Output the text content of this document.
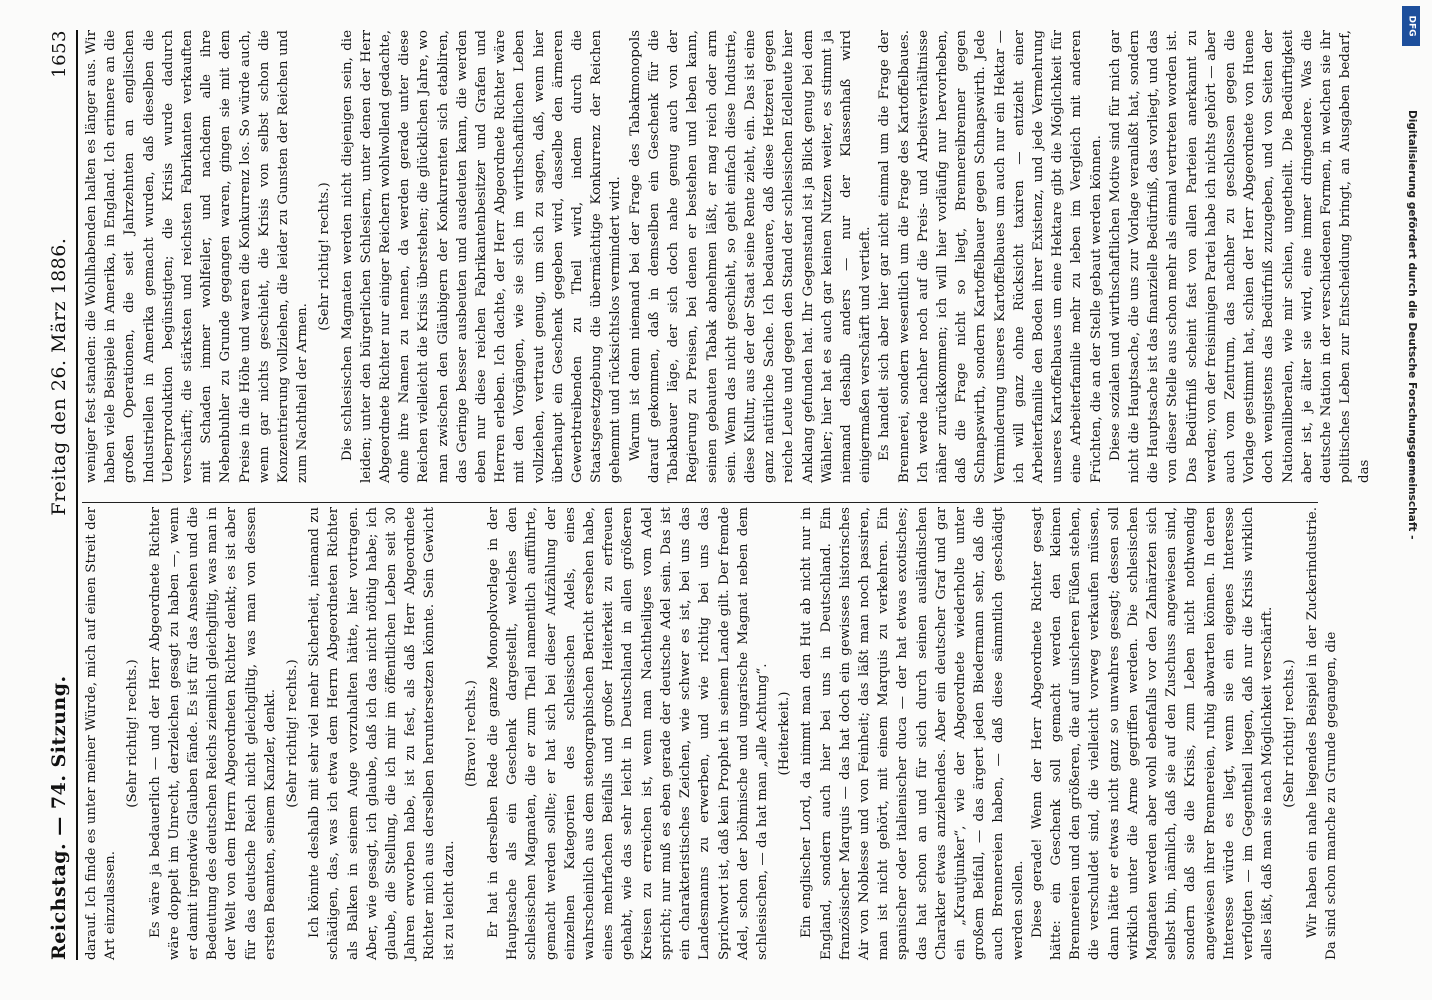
Reichstag. — 74. Sitzung.
Freitag den 26. März 1886.
1653

darauf. Ich finde es unter meiner Würde, mich auf einen Streit der Art einzulassen.

(Sehr richtig! rechts.) Es wäre ja bedauerlich — und der Herr Abgeordnete Richter wäre doppelt im Unrecht, derzleichen gesagt zu haben —, wenn er damit irgendwie Glauben fände. Es ist für das Ansehen und die Bedeutung des deutschen Reichs ziemlich gleichgiltig, was man in der Welt von dem Herrn Abgeordneten Richter denkt; es ist aber für das deutsche Reich nicht gleichgiltig, was man von dessen ersten Beamten, seinem Kanzler, denkt. (Sehr richtig! rechts.) Ich könnte deshalb mit sehr viel mehr Sicherheit, niemand zu schädigen, das, was ich etwa dem Herrn Abgeordneten Richter als Balken in seinem Auge vorzuhalten hätte, hier vortragen. Aber, wie gesagt, ich glaube, daß ich das nicht nöthig habe; ich glaube, die Stellung, die ich mir im öffentlichen Leben seit 30 Jahren erworben habe, ist zu fest, als daß Herr Abgeordnete Richter mich aus derselben heruntersetzen könnte. Sein Gewicht ist zu leicht dazu.

(Bravo! rechts.) Er hat in derselben Rede die ganze Monopolvorlage in der Hauptsache als ein Geschenk dargestellt, welches den schlesischen Magnaten, die er zum Theil namentlich aufführte, gemacht werden sollte; er hat sich bei dieser Aufzählung der einzelnen Kategorien des schlesischen Adels, eines wahrscheinlich aus dem stenographischen Bericht ersehen habe, eines mehrfachen Beifalls und großer Heiterkeit zu erfreuen gehabt, wie das sehr leicht in Deutschland in allen größeren Kreisen zu erreichen ist, wenn man Nachtheiliges vom Adel spricht; nur muß es eben gerade der deutsche Adel sein. Das ist ein charakteristisches Zeichen, wie schwer es ist, bei uns das Landesmanns zu erwerben, und wie richtig bei uns das Sprichwort ist, daß kein Prophet in seinem Lande gilt. Der fremde Adel, schon der böhmische und ungarische Magnat neben dem schlesischen, — da hat man „alle Achtung“. (Heiterkeit.) Ein englischer Lord, da nimmt man den Hut ab nicht nur in England, sondern auch hier bei uns in Deutschland. Ein französischer Marquis — das hat doch ein gewisses historisches Air von Noblesse und von Feinheit; das läßt man noch passiren, man ist nicht gehört, mit einem Marquis zu verkehren. Ein spanischer oder italienischer duca — der hat etwas exotisches; das hat schon an und für sich durch seinen ausländischen Charakter etwas anziehendes. Aber ein deutscher Graf und gar ein „Krautjunker“, wie der Abgeordnete wiederholte unter großem Beifall, — das ärgert jeden Biedermann sehr, daß die auch Brennereien haben, — daß diese sämmtlich geschädigt werden sollen. Diese gerade! Wenn der Herr Abgeordnete Richter gesagt hätte: ein Geschenk soll gemacht werden den kleinen Brennereien und den größeren, die auf unsicheren Füßen stehen, die verschuldet sind, die vielleicht vorweg verkaufen müssen, dann hätte er etwas nicht ganz so unwahres gesagt; dessen soll wirklich unter die Arme gegriffen werden. Die schlesischen Magnaten werden aber wohl ebenfalls vor den Zahnärzten sich selbst bin, nämlich, daß sie auf den Zuschuss angewiesen sind, sondern daß sie die Krisis, zum Leben nicht nothwendig angewiesen ihrer Brennereien, ruhig abwarten können. In deren Interesse würde es liegt, wenn sie ein eigenes Interesse verfolgten — im Gegentheil liegen, daß nur die Krisis wirklich alles läßt, daß man sie nach Möglichkeit verschärft. (Sehr richtig! rechts.) Wir haben ein nahe liegendes Beispiel in der Zuckerindustrie. Da sind schon manche zu Grunde gegangen, die

weniger fest standen: die Wohlhabenden halten es länger aus. Wir haben viele Beispiele in Amerika, in England. Ich erinnere an die großen Operationen, die seit Jahrzehnten an englischen Industriellen in Amerika gemacht wurden, daß dieselben die Ueberproduktion begünstigten; die Krisis wurde dadurch verschärft; die stärksten und reichsten Fabrikanten verkauften mit Schaden immer wohlfeiler, und nachdem alle ihre Nebenbuhler zu Grunde gegangen waren, gingen sie mit dem Preise in die Höhe und waren die Konkurrenz los. So würde auch, wenn gar nichts geschieht, die Krisis von selbst schon die Konzentrierung vollziehen, die leider zu Gunsten der Reichen und zum Nachtheil der Armen.

(Sehr richtig! rechts.) Die schlesischen Magnaten werden nicht diejenigen sein, die leiden; unter den bürgerlichen Schlesiern, unter denen der Herr Abgeordnete Richter nur einiger Reichern wohlwollend gedachte, ohne ihre Namen zu nennen, da werden gerade unter diese Reichen vielleicht die Krisis überstehen; die glücklichen Jahre, wo man zwischen den Gläubigern der Konkurrenten sich etabliren, das Geringe besser ausbeuten und ausdeuten kann, die werden eben nur diese reichen Fabrikantenbesitzer und Grafen und Herren erleben. Ich dachte, der Herr Abgeordnete Richter wäre mit den Vorgängen, wie sie sich im wirthschaftlichen Leben vollziehen, vertraut genug, um sich zu sagen, daß, wenn hier überhaupt ein Geschenk gegeben wird, dasselbe den ärmeren Gewerbtreibenden zu Theil wird, indem durch die Staatsgesetzgebung die übermächtige Konkurrenz der Reichen gehemmt und rücksichtslos vermindert wird. Warum ist denn niemand bei der Frage des Tabakmonopols darauf gekommen, daß in demselben ein Geschenk für die Tabakbauer läge, der sich doch nahe genug auch von der Regierung zu Preisen, bei denen er bestehen und leben kann, seinen gebauten Tabak abnehmen läßt, er mag reich oder arm sein. Wenn das nicht geschieht, so geht einfach diese Industrie, diese Kultur, aus der der Staat seine Rente zieht, ein. Das ist eine ganz natürliche Sache. Ich bedauere, daß diese Hetzerei gegen reiche Leute und gegen den Stand der schlesischen Edelleute hier Anklang gefunden hat. Ihr Gegenstand ist ja Blick genug bei dem Wähler; hier hat es auch gar keinen Nutzen weiter, es stimmt ja niemand deshalb anders — nur der Klassenhaß wird einigermaßen verschärft und vertieft. Es handelt sich aber hier gar nicht einmal um die Frage der Brennerei, sondern wesentlich um die Frage des Kartoffelbaues. Ich werde nachher noch auf die Preis- und Arbeitsverhältnisse näher zurückkommen; ich will hier vorläufig nur hervorheben, daß die Frage nicht so liegt, Brennereibrenner gegen Schnapswirth, sondern Kartoffelbauer gegen Schnapswirth. Jede Verminderung unseres Kartoffelbaues um auch nur ein Hektar — ich will ganz ohne Rücksicht taxiren — entzieht einer Arbeiterfamilie den Boden ihrer Existenz, und jede Vermehrung unseres Kartoffelbaues um eine Hektare gibt die Möglichkeit für eine Arbeiterfamilie mehr zu leben im Vergleich mit anderen Früchten, die an der Stelle gebaut werden können. Diese sozialen und wirthschaftlichen Motive sind für mich gar nicht die Hauptsache, die uns zur Vorlage veranlaßt hat, sondern die Hauptsache ist das finanzielle Bedürfniß, das vorliegt, und das von dieser Stelle aus schon mehr als einmal vertreten worden ist. Das Bedürfniß scheint fast von allen Parteien anerkannt zu werden; von der freisinnigen Partei habe ich nichts gehört — aber auch vom Zentrum, das nachher zu geschlossen gegen die Vorlage gestimmt hat, schien der Herr Abgeordnete von Huene doch wenigstens das Bedürfniß zuzugeben, und von Seiten der Nationalliberalen, wie mir schien, ungetheilt. Die Bedürftigkeit aber ist, je älter sie wird, eine immer dringendere. Was die deutsche Nation in der verschiedenen Formen, in welchen sie ihr politisches Leben zur Entscheidung bringt, an Ausgaben bedarf, das

DFG
Digitalisierung gefördert durch die Deutsche Forschungsgemeinschaft -
